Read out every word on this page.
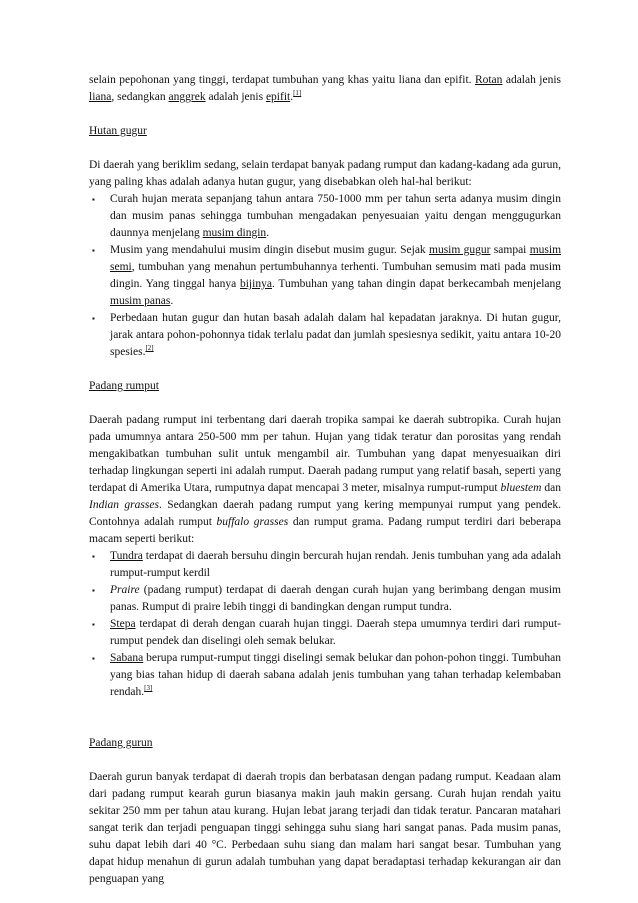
selain pepohonan yang tinggi, terdapat tumbuhan yang khas yaitu liana dan epifit. Rotan adalah jenis liana, sedangkan anggrek adalah jenis epifit.[1]

Hutan gugur

Di daerah yang beriklim sedang, selain terdapat banyak padang rumput dan kadang-kadang ada gurun, yang paling khas adalah adanya hutan gugur, yang disebabkan oleh hal-hal berikut:

▪ Curah hujan merata sepanjang tahun antara 750-1000 mm per tahun serta adanya musim dingin dan musim panas sehingga tumbuhan mengadakan penyesuaian yaitu dengan menggugurkan daunnya menjelang musim dingin.
▪ Musim yang mendahului musim dingin disebut musim gugur. Sejak musim gugur sampai musim semi, tumbuhan yang menahun pertumbuhannya terhenti. Tumbuhan semusim mati pada musim dingin. Yang tinggal hanya bijinya. Tumbuhan yang tahan dingin dapat berkecambah menjelang musim panas.
▪ Perbedaan hutan gugur dan hutan basah adalah dalam hal kepadatan jaraknya. Di hutan gugur, jarak antara pohon-pohonnya tidak terlalu padat dan jumlah spesiesnya sedikit, yaitu antara 10-20 spesies.[2]
Padang rumput

Daerah padang rumput ini terbentang dari daerah tropika sampai ke daerah subtropika. Curah hujan pada umumnya antara 250-500 mm per tahun. Hujan yang tidak teratur dan porositas yang rendah mengakibatkan tumbuhan sulit untuk mengambil air. Tumbuhan yang dapat menyesuaikan diri terhadap lingkungan seperti ini adalah rumput. Daerah padang rumput yang relatif basah, seperti yang terdapat di Amerika Utara, rumputnya dapat mencapai 3 meter, misalnya rumput-rumput bluestem dan Indian grasses. Sedangkan daerah padang rumput yang kering mempunyai rumput yang pendek. Contohnya adalah rumput buffalo grasses dan rumput grama. Padang rumput terdiri dari beberapa macam seperti berikut:

▪ Tundra terdapat di daerah bersuhu dingin bercurah hujan rendah. Jenis tumbuhan yang ada adalah rumput-rumput kerdil
▪ Praire (padang rumput) terdapat di daerah dengan curah hujan yang berimbang dengan musim panas. Rumput di praire lebih tinggi di bandingkan dengan rumput tundra.
▪ Stepa terdapat di derah dengan cuarah hujan tinggi. Daerah stepa umumnya terdiri dari rumput-rumput pendek dan diselingi oleh semak belukar.
▪ Sabana berupa rumput-rumput tinggi diselingi semak belukar dan pohon-pohon tinggi. Tumbuhan yang bias tahan hidup di daerah sabana adalah jenis tumbuhan yang tahan terhadap kelembaban rendah.[3]
Padang gurun

Daerah gurun banyak terdapat di daerah tropis dan berbatasan dengan padang rumput. Keadaan alam dari padang rumput kearah gurun biasanya makin jauh makin gersang. Curah hujan rendah yaitu sekitar 250 mm per tahun atau kurang. Hujan lebat jarang terjadi dan tidak teratur. Pancaran matahari sangat terik dan terjadi penguapan tinggi sehingga suhu siang hari sangat panas. Pada musim panas, suhu dapat lebih dari 40 °C. Perbedaan suhu siang dan malam hari sangat besar. Tumbuhan yang dapat hidup menahun di gurun adalah tumbuhan yang dapat beradaptasi terhadap kekurangan air dan penguapan yang
